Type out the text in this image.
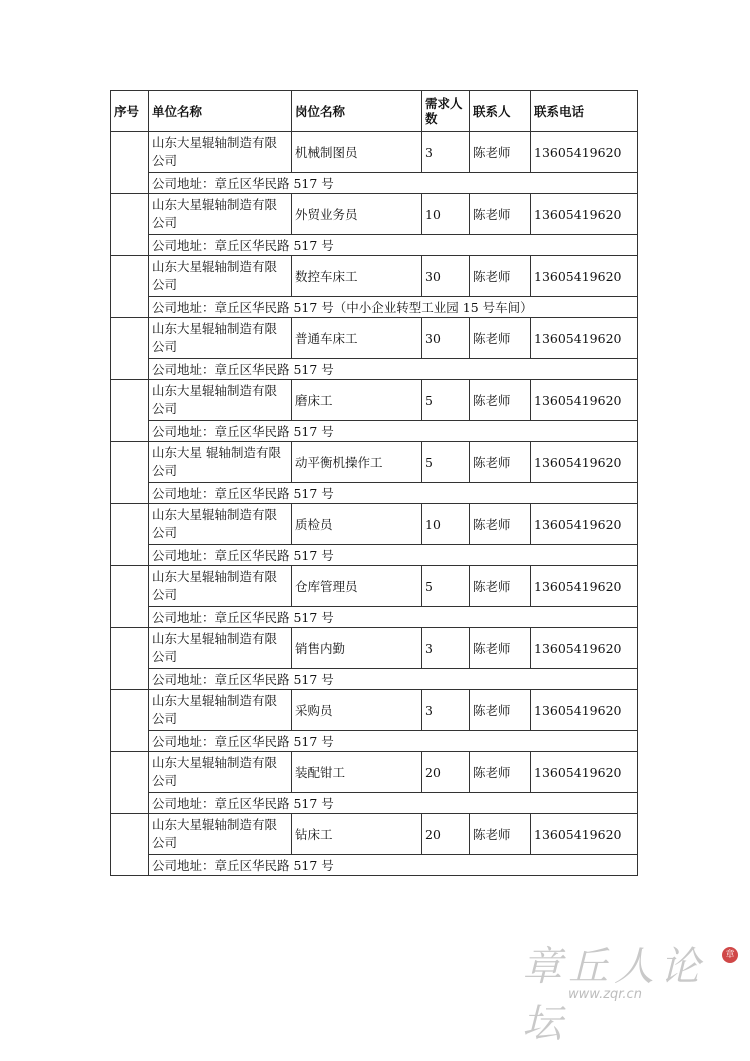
序号	单位名称	岗位名称	需求人数	联系人	联系电话
	山东大星辊轴制造有限公司	机械制图员	3	陈老师	13605419620
	公司地址：章丘区华民路 517 号				
	山东大星辊轴制造有限公司	外贸业务员	10	陈老师	13605419620
	公司地址：章丘区华民路 517 号				
	山东大星辊轴制造有限公司	数控车床工	30	陈老师	13605419620
	公司地址：章丘区华民路 517 号（中小企业转型工业园 15 号车间）				
	山东大星辊轴制造有限公司	普通车床工	30	陈老师	13605419620
	公司地址：章丘区华民路 517 号				
	山东大星辊轴制造有限公司	磨床工	5	陈老师	13605419620
	公司地址：章丘区华民路 517 号				
	山东大星 辊轴制造有限公司	动平衡机操作工	5	陈老师	13605419620
	公司地址：章丘区华民路 517 号				
	山东大星辊轴制造有限公司	质检员	10	陈老师	13605419620
	公司地址：章丘区华民路 517 号				
	山东大星辊轴制造有限公司	仓库管理员	5	陈老师	13605419620
	公司地址：章丘区华民路 517 号				
	山东大星辊轴制造有限公司	销售内勤	3	陈老师	13605419620
	公司地址：章丘区华民路 517 号				
	山东大星辊轴制造有限公司	采购员	3	陈老师	13605419620
	公司地址：章丘区华民路 517 号				
	山东大星辊轴制造有限公司	装配钳工	20	陈老师	13605419620
	公司地址：章丘区华民路 517 号				
	山东大星辊轴制造有限公司	钻床工	20	陈老师	13605419620
	公司地址：章丘区华民路 517 号				
章丘人论坛
www.zqr.cn
章
